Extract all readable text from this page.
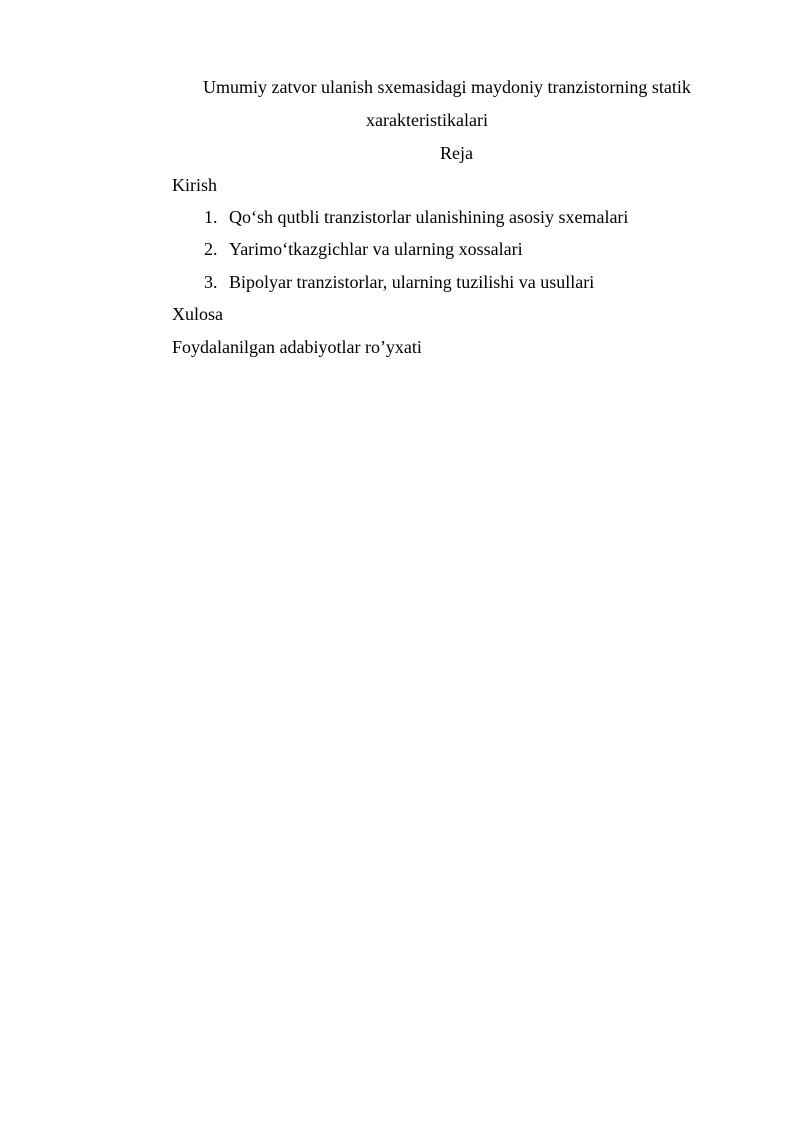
Umumiy zatvor ulanish sxemasidagi maydoniy tranzistorning statik
xarakteristikalari
Reja
Kirish
1. Qo‘sh qutbli tranzistorlar ulanishining asosiy sxemalari
2. Yarimo‘tkazgichlar va ularning xossalari
3. Bipolyar tranzistorlar, ularning tuzilishi va usullari
Xulosa
Foydalanilgan adabiyotlar ro’yxati
